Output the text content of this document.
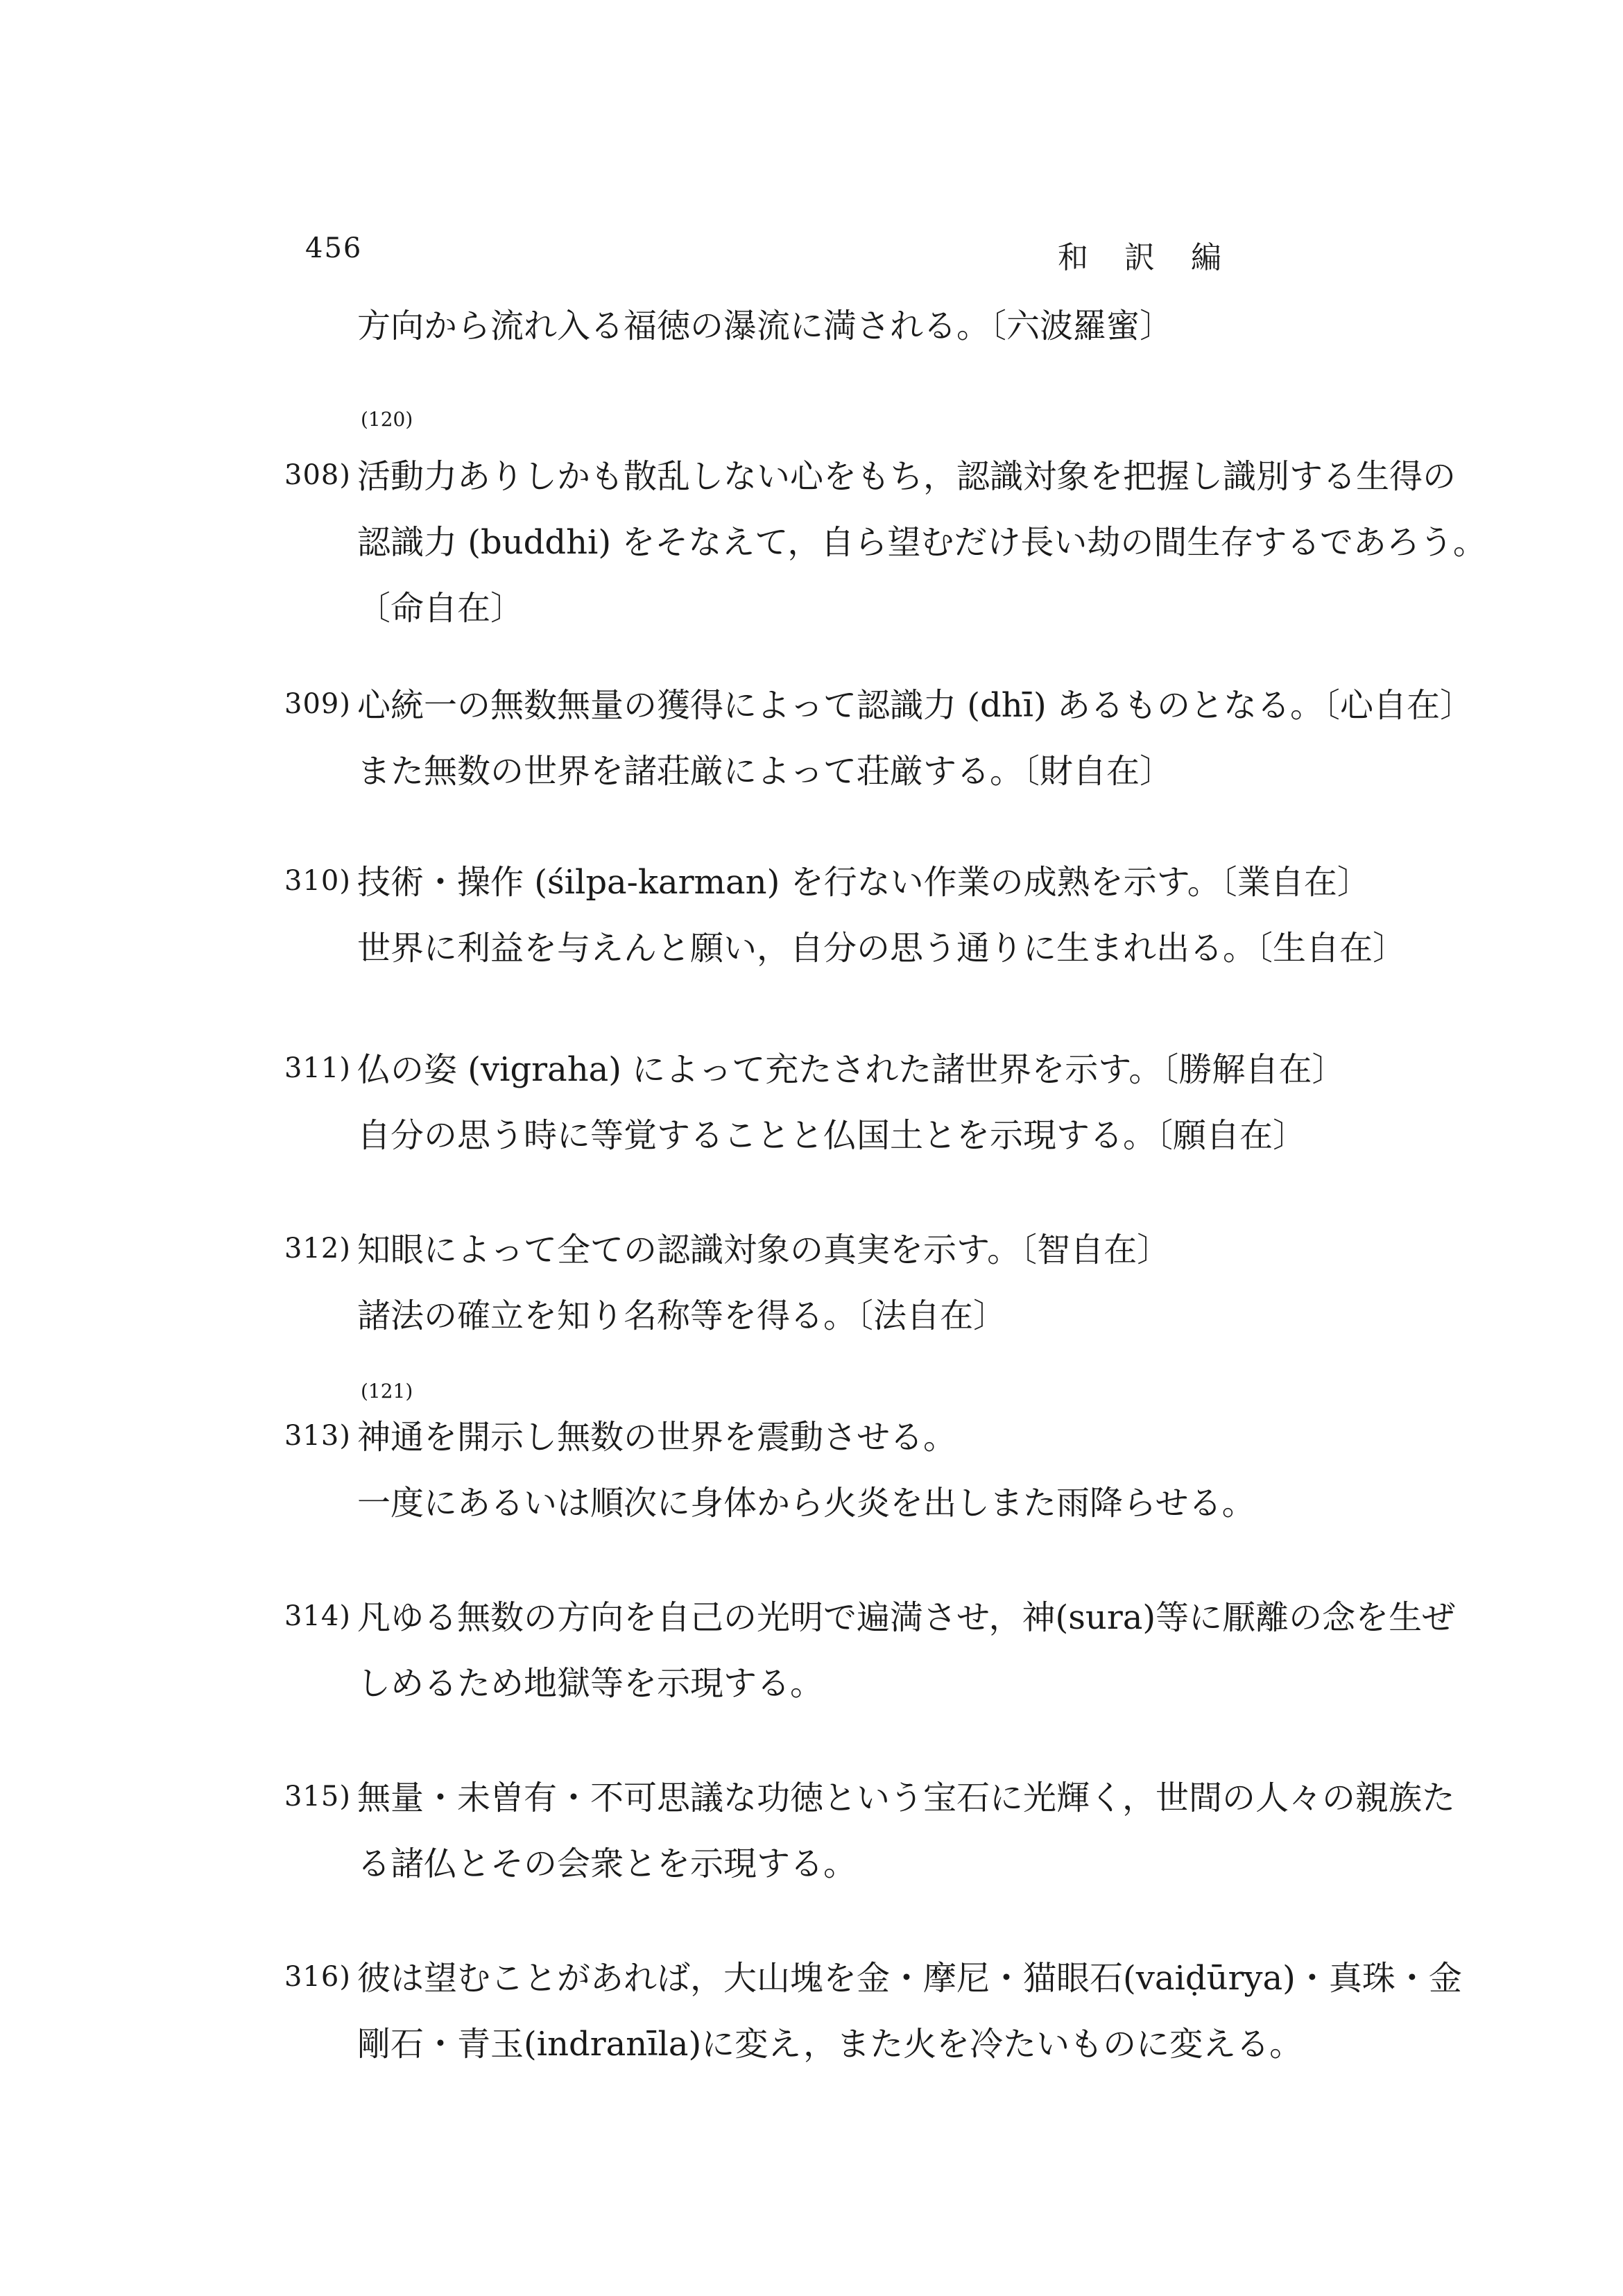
456	和訳編
方向から流れ入る福徳の瀑流に満される。〔六波羅蜜〕
(120)
308) 活動力ありしかも散乱しない心をもち，認識対象を把握し識別する生得の
認識力 (buddhi) をそなえて，自ら望むだけ長い劫の間生存するであろう。
〔命自在〕
309) 心統一の無数無量の獲得によって認識力 (dhī) あるものとなる。〔心自在〕
また無数の世界を諸荘厳によって荘厳する。〔財自在〕
310) 技術・操作 (śilpa-karman) を行ない作業の成熟を示す。〔業自在〕
世界に利益を与えんと願い，自分の思う通りに生まれ出る。〔生自在〕
311) 仏の姿 (vigraha) によって充たされた諸世界を示す。〔勝解自在〕
自分の思う時に等覚することと仏国土とを示現する。〔願自在〕
312) 知眼によって全ての認識対象の真実を示す。〔智自在〕
諸法の確立を知り名称等を得る。〔法自在〕
(121)
313) 神通を開示し無数の世界を震動させる。
一度にあるいは順次に身体から火炎を出しまた雨降らせる。
314) 凡ゆる無数の方向を自己の光明で遍満させ，神(sura)等に厭離の念を生ぜ
しめるため地獄等を示現する。
315) 無量・未曽有・不可思議な功徳という宝石に光輝く，世間の人々の親族た
る諸仏とその会衆とを示現する。
316) 彼は望むことがあれば，大山塊を金・摩尼・猫眼石(vaiḍūrya)・真珠・金
剛石・青玉(indranīla)に変え，また火を冷たいものに変える。
